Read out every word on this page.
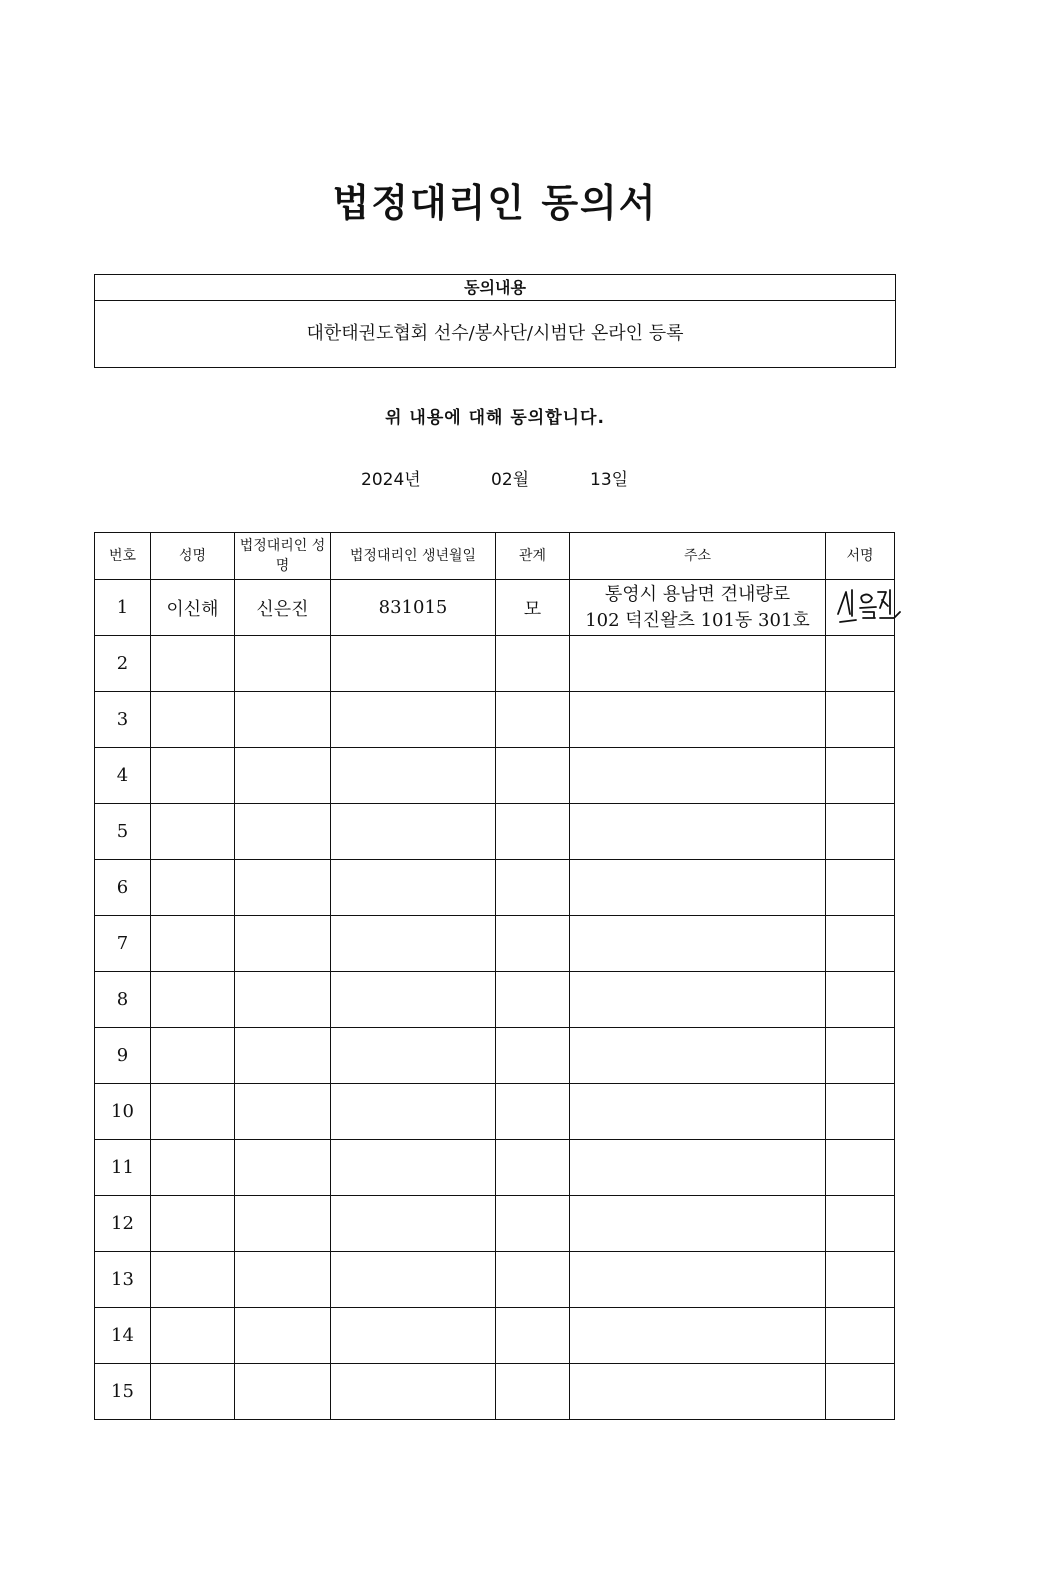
법정대리인 동의서
동의내용
대한태권도협회 선수/봉사단/시범단 온라인 등록
위 내용에 대해 동의합니다.
2024년	02월	13일
번호	성명	법정대리인 성명	법정대리인 생년월일	관계	주소	서명
1	이신해	신은진	831015	모	통영시 용남면 견내량로
102 덕진왈츠 101동 301호

2						
3						
4						
5						
6						
7						
8						
9						
10						
11						
12						
13						
14						
15						
